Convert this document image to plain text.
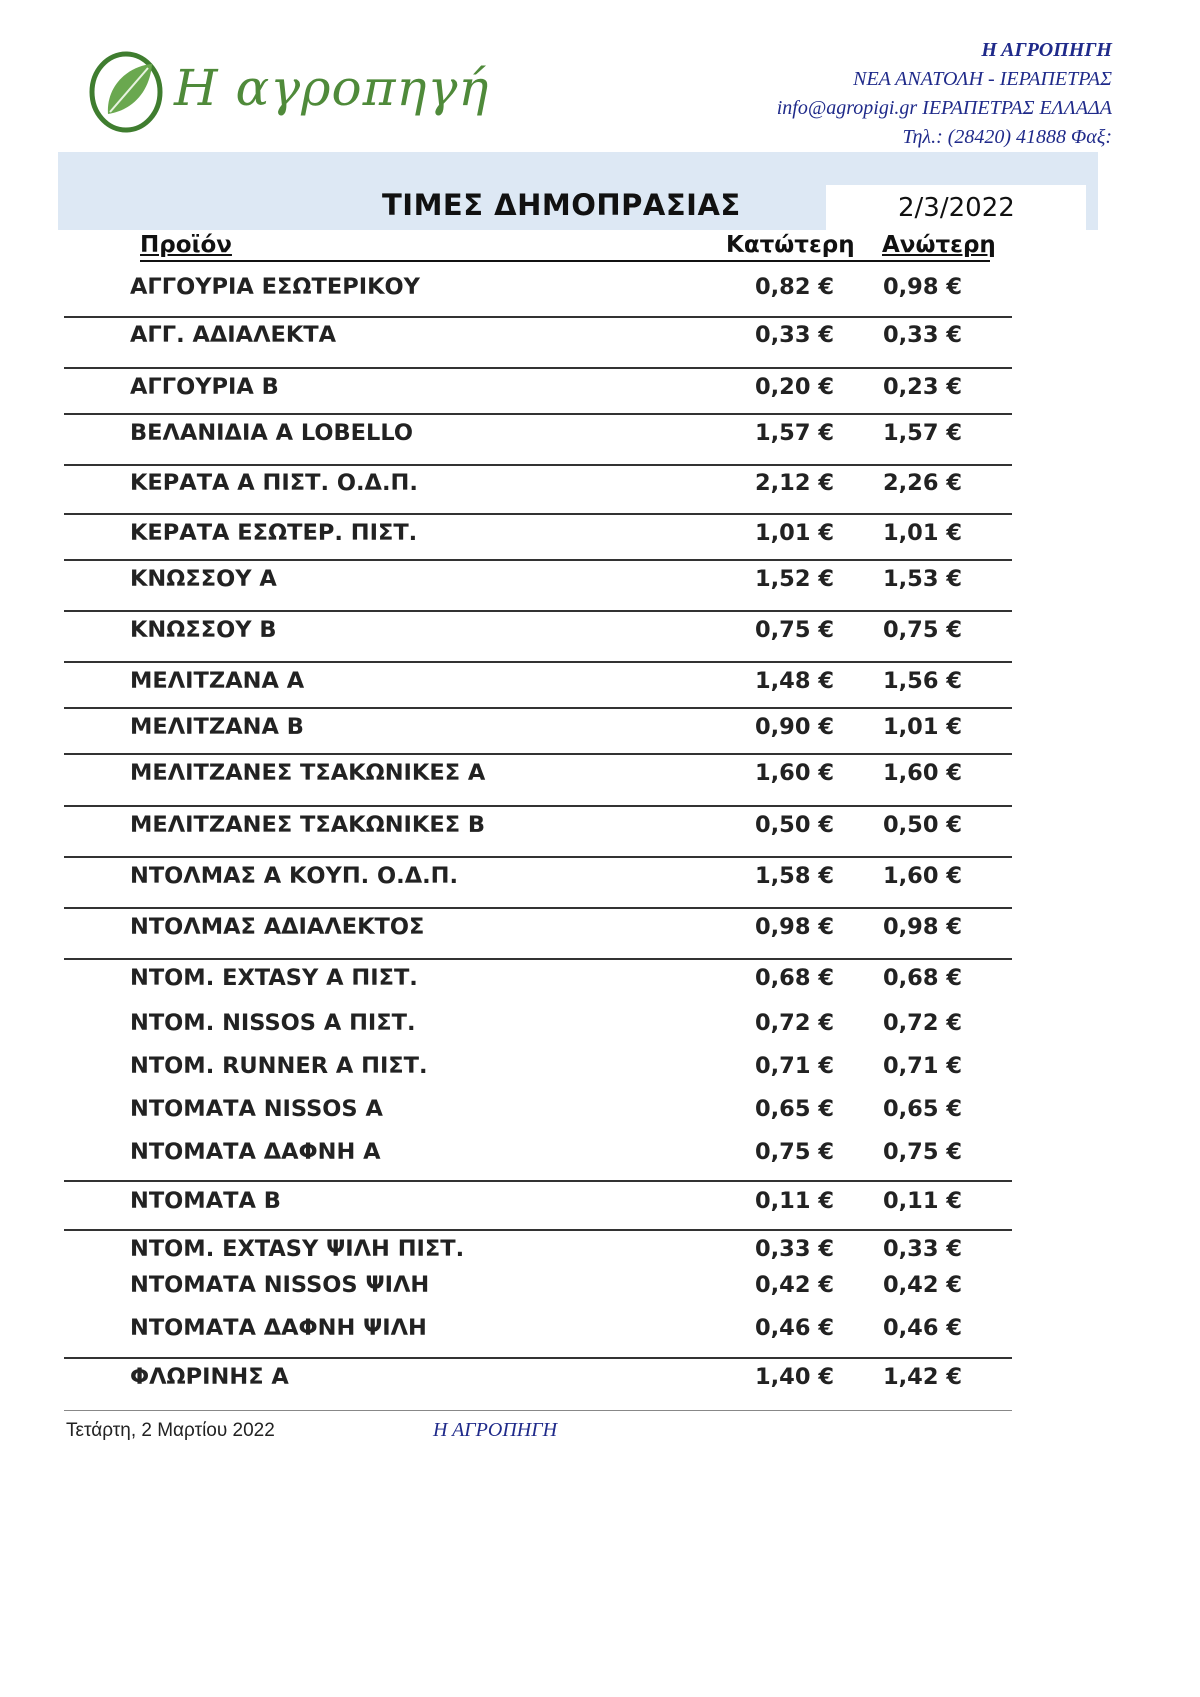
Η αγροπηγή
Η ΑΓΡΟΠΗΓΗ
ΝΕΑ ΑΝΑΤΟΛΗ - ΙΕΡΑΠΕΤΡΑΣ
info@agropigi.gr ΙΕΡΑΠΕΤΡΑΣ ΕΛΛΑΔΑ
Τηλ.: (28420) 41888 Φαξ:
ΤΙΜΕΣ ΔΗΜΟΠΡΑΣΙΑΣ	2/3/2022
Προϊόν	Κατώτερη Ανώτερη
ΑΓΓΟΥΡΙΑ ΕΣΩΤΕΡΙΚΟΥ	0,82 € 0,98 €
ΑΓΓ. ΑΔΙΑΛΕΚΤΑ	0,33 € 0,33 €
ΑΓΓΟΥΡΙΑ Β	0,20 € 0,23 €
ΒΕΛΑΝΙΔΙΑ Α LOBELLO	1,57 € 1,57 €
ΚΕΡΑΤΑ Α ΠΙΣΤ. Ο.Δ.Π.	2,12 € 2,26 €
ΚΕΡΑΤΑ ΕΣΩΤΕΡ. ΠΙΣΤ.	1,01 € 1,01 €
ΚΝΩΣΣΟΥ Α	1,52 € 1,53 €
ΚΝΩΣΣΟΥ Β	0,75 € 0,75 €
ΜΕΛΙΤΖΑΝΑ Α	1,48 € 1,56 €
ΜΕΛΙΤΖΑΝΑ Β	0,90 € 1,01 €
ΜΕΛΙΤΖΑΝΕΣ ΤΣΑΚΩΝΙΚΕΣ Α	1,60 € 1,60 €
ΜΕΛΙΤΖΑΝΕΣ ΤΣΑΚΩΝΙΚΕΣ Β	0,50 € 0,50 €
ΝΤΟΛΜΑΣ Α ΚΟΥΠ. Ο.Δ.Π.	1,58 € 1,60 €
ΝΤΟΛΜΑΣ ΑΔΙΑΛΕΚΤΟΣ	0,98 € 0,98 €
ΝΤΟΜ. EXTASY Α ΠΙΣΤ.	0,68 € 0,68 €
ΝΤΟΜ. NISSOS Α ΠΙΣΤ.	0,72 € 0,72 €
ΝΤΟΜ. RUNNER Α ΠΙΣΤ.	0,71 € 0,71 €
ΝΤΟΜΑΤΑ NISSOS Α	0,65 € 0,65 €
ΝΤΟΜΑΤΑ ΔΑΦΝΗ Α	0,75 € 0,75 €
ΝΤΟΜΑΤΑ Β	0,11 € 0,11 €
ΝΤΟΜ. EXTASY ΨΙΛΗ ΠΙΣΤ.	0,33 € 0,33 €
ΝΤΟΜΑΤΑ NISSOS ΨΙΛΗ	0,42 € 0,42 €
ΝΤΟΜΑΤΑ ΔΑΦΝΗ ΨΙΛΗ	0,46 € 0,46 €
ΦΛΩΡΙΝΗΣ Α	1,40 € 1,42 €
Τετάρτη, 2 Μαρτίου 2022	Η ΑΓΡΟΠΗΓΗ
